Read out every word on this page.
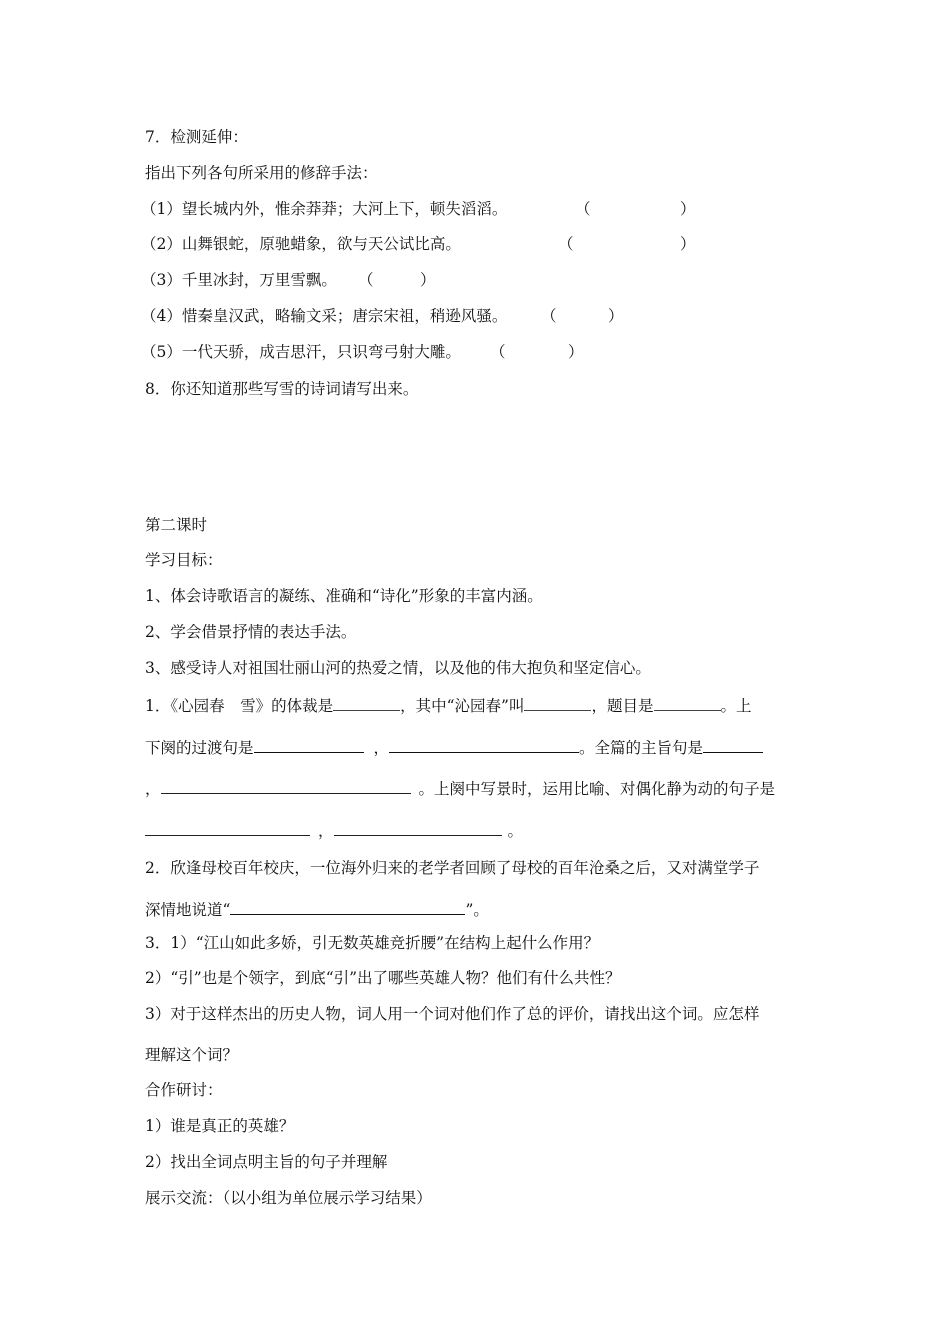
7．检测延伸：
指出下列各句所采用的修辞手法：
（1）望长城内外，惟余莽莽；大河上下，顿失滔滔。	（	）
（2）山舞银蛇，原驰蜡象，欲与天公试比高。	（	）
（3）千里冰封，万里雪飘。 （	）
（4）惜秦皇汉武，略输文采；唐宗宋祖，稍逊风骚。 （	）
（5）一代天骄，成吉思汗，只识弯弓射大雕。 （	）
8．你还知道那些写雪的诗词请写出来。
第二课时
学习目标：
1、体会诗歌语言的凝练、准确和“诗化”形象的丰富内涵。
2、学会借景抒情的表达手法。
3、感受诗人对祖国壮丽山河的热爱之情，以及他的伟大抱负和坚定信心。
1．《心园春　雪》的体裁是	，其中“沁园春”叫	，题目是	。上
下阕的过渡句是	，	。全篇的主旨句是
，	。上阕中写景时，运用比喻、对偶化静为动的句子是
，	。
2．欣逢母校百年校庆，一位海外归来的老学者回顾了母校的百年沧桑之后，又对满堂学子
深情地说道“	”。
3．1）“江山如此多娇，引无数英雄竞折腰”在结构上起什么作用？
2）“引”也是个领字，到底“引”出了哪些英雄人物？他们有什么共性？
3）对于这样杰出的历史人物，词人用一个词对他们作了总的评价，请找出这个词。应怎样
理解这个词？
合作研讨：
1）谁是真正的英雄？
2）找出全词点明主旨的句子并理解
展示交流：（以小组为单位展示学习结果）
